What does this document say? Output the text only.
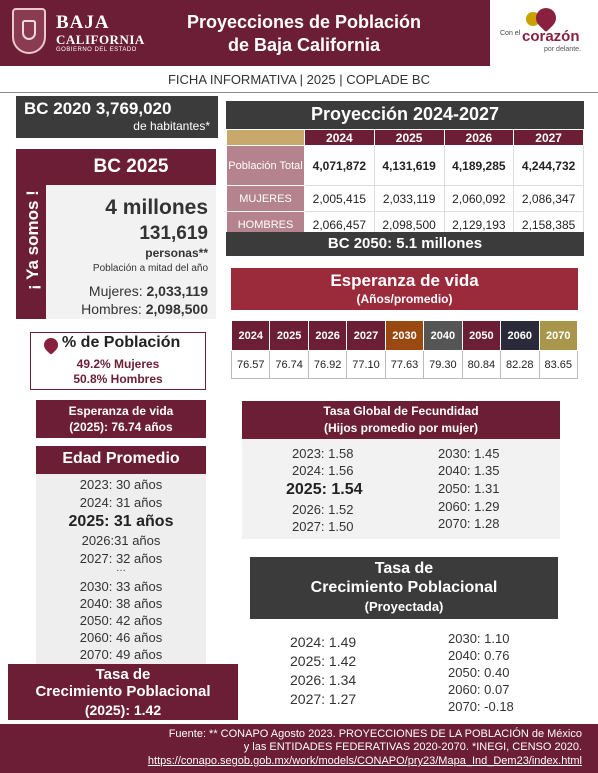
BAJA
CALIFORNIA
GOBIERNO DEL ESTADO
Proyecciones de Población
de Baja California
Con el corazón
por delante.
FICHA INFORMATIVA | 2025 | COPLADE BC
BC 2020 3,769,020
de habitantes*
¡ Ya somos !
BC 2025
4 millones
131,619
personas**
Población a mitad del año
Mujeres: 2,033,119
Hombres: 2,098,500
% de Población
49.2% Mujeres
50.8% Hombres
Esperanza de vida
(2025): 76.74 años
Edad Promedio
2023: 30 años
2024: 31 años
2025: 31 años
2026:31 años
2027: 32 años
…
2030: 33 años
2040: 38 años
2050: 42 años
2060: 46 años
2070: 49 años
Tasa de
Crecimiento Poblacional
(2025): 1.42
Proyección 2024-2027
	2024	2025	2026	2027
Población Total	4,071,872	4,131,619	4,189,285	4,244,732
MUJERES	2,005,415	2,033,119	2,060,092	2,086,347
HOMBRES	2,066,457	2,098,500	2,129,193	2,158,385
BC 2050: 5.1 millones
Esperanza de vida
(Años/promedio)
2024	2025	2026	2027	2030	2040	2050	2060	2070
76.57	76.74	76.92	77.10	77.63	79.30	80.84	82.28	83.65
Tasa Global de Fecundidad
(Hijos promedio por mujer)
2023: 1.58
2024: 1.56
2025: 1.54
2026: 1.52
2027: 1.50
2030: 1.45
2040: 1.35
2050: 1.31
2060: 1.29
2070: 1.28
Tasa de
Crecimiento Poblacional
(Proyectada)
2024: 1.49
2025: 1.42
2026: 1.34
2027: 1.27
2030: 1.10
2040: 0.76
2050: 0.40
2060: 0.07
2070: -0.18
Fuente: ** CONAPO Agosto 2023. PROYECCIONES DE LA POBLACIÓN de México
y las ENTIDADES FEDERATIVAS 2020-2070. *INEGI, CENSO 2020.
https://conapo.segob.gob.mx/work/models/CONAPO/pry23/Mapa_Ind_Dem23/index.html
